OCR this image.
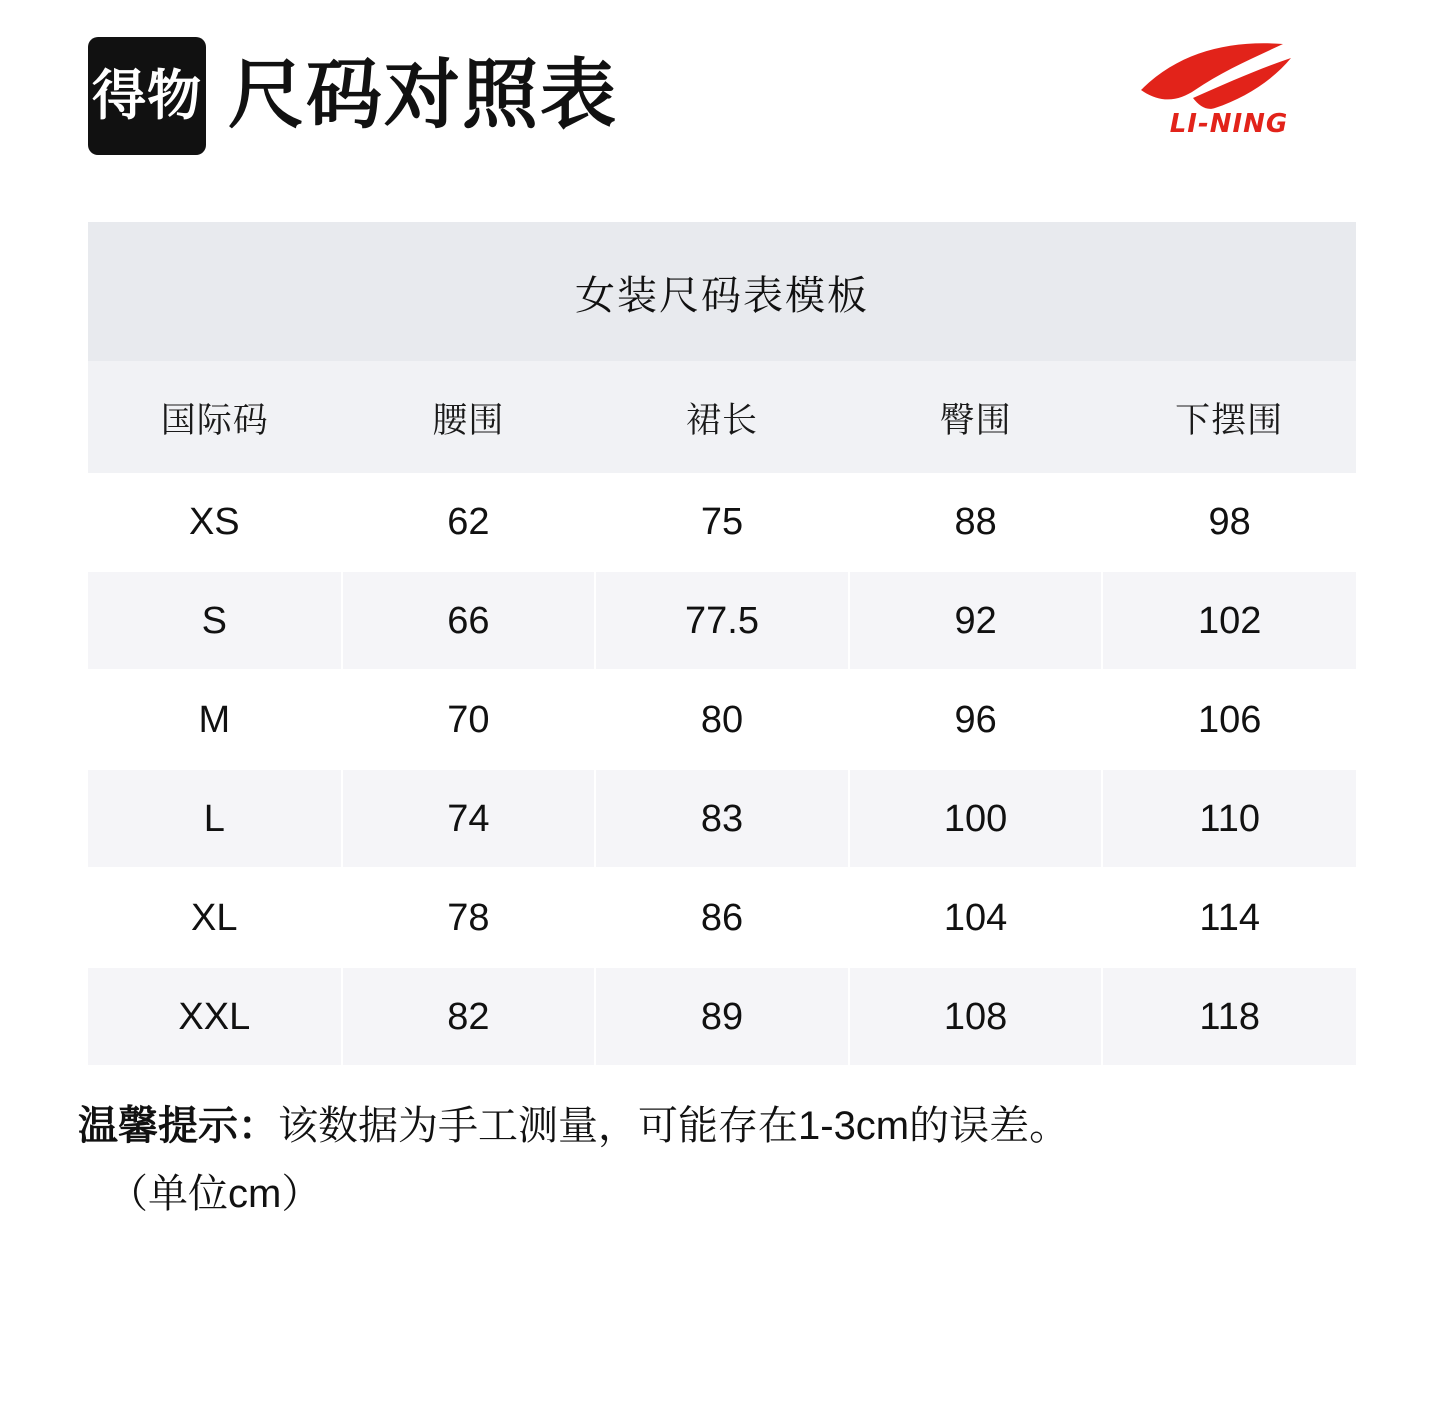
得物 尺码对照表	LI-NING
女装尺码表模板
国际码	腰围	裙长	臀围	下摆围
XS	62	75	88	98
S	66	77.5	92	102
M	70	80	96	106
L	74	83	100	110
XL	78	86	104	114
XXL	82	89	108	118
温馨提示：该数据为手工测量，可能存在1-3cm的误差。
（单位cm）
